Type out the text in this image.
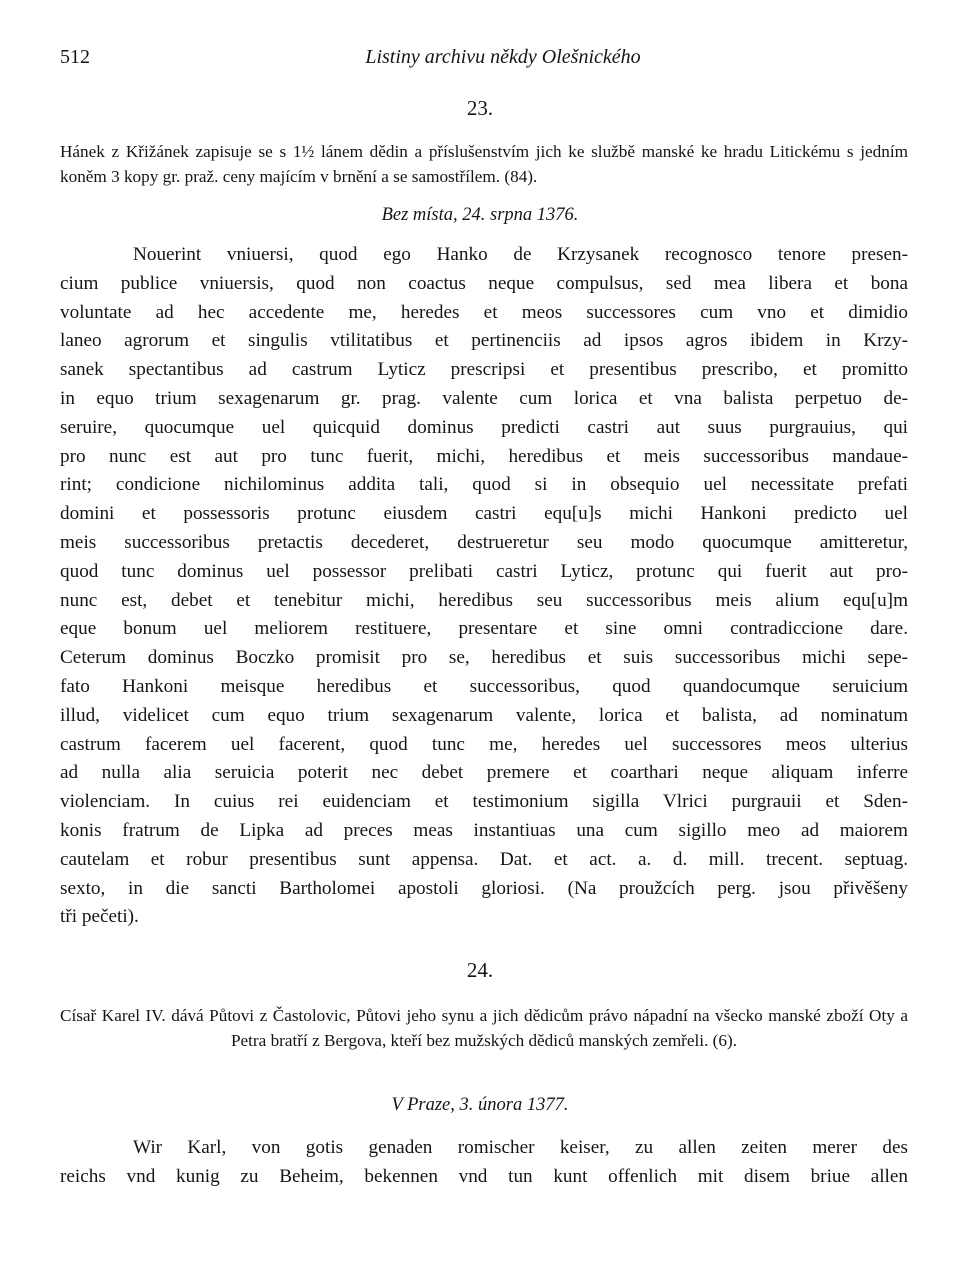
512	Listiny archivu někdy Olešnického
23.
Hánek z Křižánek zapisuje se s 1½ lánem dědin a příslušenstvím jich ke službě manské ke hradu Litickému s jedním koněm 3 kopy gr. praž. ceny majícím v brnění a se samostřílem. (84).
Bez místa, 24. srpna 1376.
Nouerint vniuersi, quod ego Hanko de Krzysanek recognosco tenore presen-
cium publice vniuersis, quod non coactus neque compulsus, sed mea libera et bona
voluntate ad hec accedente me, heredes et meos successores cum vno et dimidio
laneo agrorum et singulis vtilitatibus et pertinenciis ad ipsos agros ibidem in Krzy-
sanek spectantibus ad castrum Lyticz prescripsi et presentibus prescribo, et promitto
in equo trium sexagenarum gr. prag. valente cum lorica et vna balista perpetuo de-
seruire, quocumque uel quicquid dominus predicti castri aut suus purgrauius, qui
pro nunc est aut pro tunc fuerit, michi, heredibus et meis successoribus mandaue-
rint; condicione nichilominus addita tali, quod si in obsequio uel necessitate prefati
domini et possessoris protunc eiusdem castri equ[u]s michi Hankoni predicto uel
meis successoribus pretactis decederet, destrueretur seu modo quocumque amitteretur,
quod tunc dominus uel possessor prelibati castri Lyticz, protunc qui fuerit aut pro-
nunc est, debet et tenebitur michi, heredibus seu successoribus meis alium equ[u]m
eque bonum uel meliorem restituere, presentare et sine omni contradiccione dare.
Ceterum dominus Boczko promisit pro se, heredibus et suis successoribus michi sepe-
fato Hankoni meisque heredibus et successoribus, quod quandocumque seruicium
illud, videlicet cum equo trium sexagenarum valente, lorica et balista, ad nominatum
castrum facerem uel facerent, quod tunc me, heredes uel successores meos ulterius
ad nulla alia seruicia poterit nec debet premere et coarthari neque aliquam inferre
violenciam. In cuius rei euidenciam et testimonium sigilla Vlrici purgrauii et Sden-
konis fratrum de Lipka ad preces meas instantiuas una cum sigillo meo ad maiorem
cautelam et robur presentibus sunt appensa. Dat. et act. a. d. mill. trecent. septuag.
sexto, in die sancti Bartholomei apostoli gloriosi. (Na proužcích perg. jsou přivěšeny
tři pečeti).
24.
Císař Karel IV. dává Půtovi z Častolovic, Půtovi jeho synu a jich dědicům právo nápadní na všecko manské zboží Oty a Petra bratří z Bergova, kteří bez mužských dědiců manských zemřeli. (6).
V Praze, 3. února 1377.
Wir Karl, von gotis genaden romischer keiser, zu allen zeiten merer des
reichs vnd kunig zu Beheim, bekennen vnd tun kunt offenlich mit disem briue allen
